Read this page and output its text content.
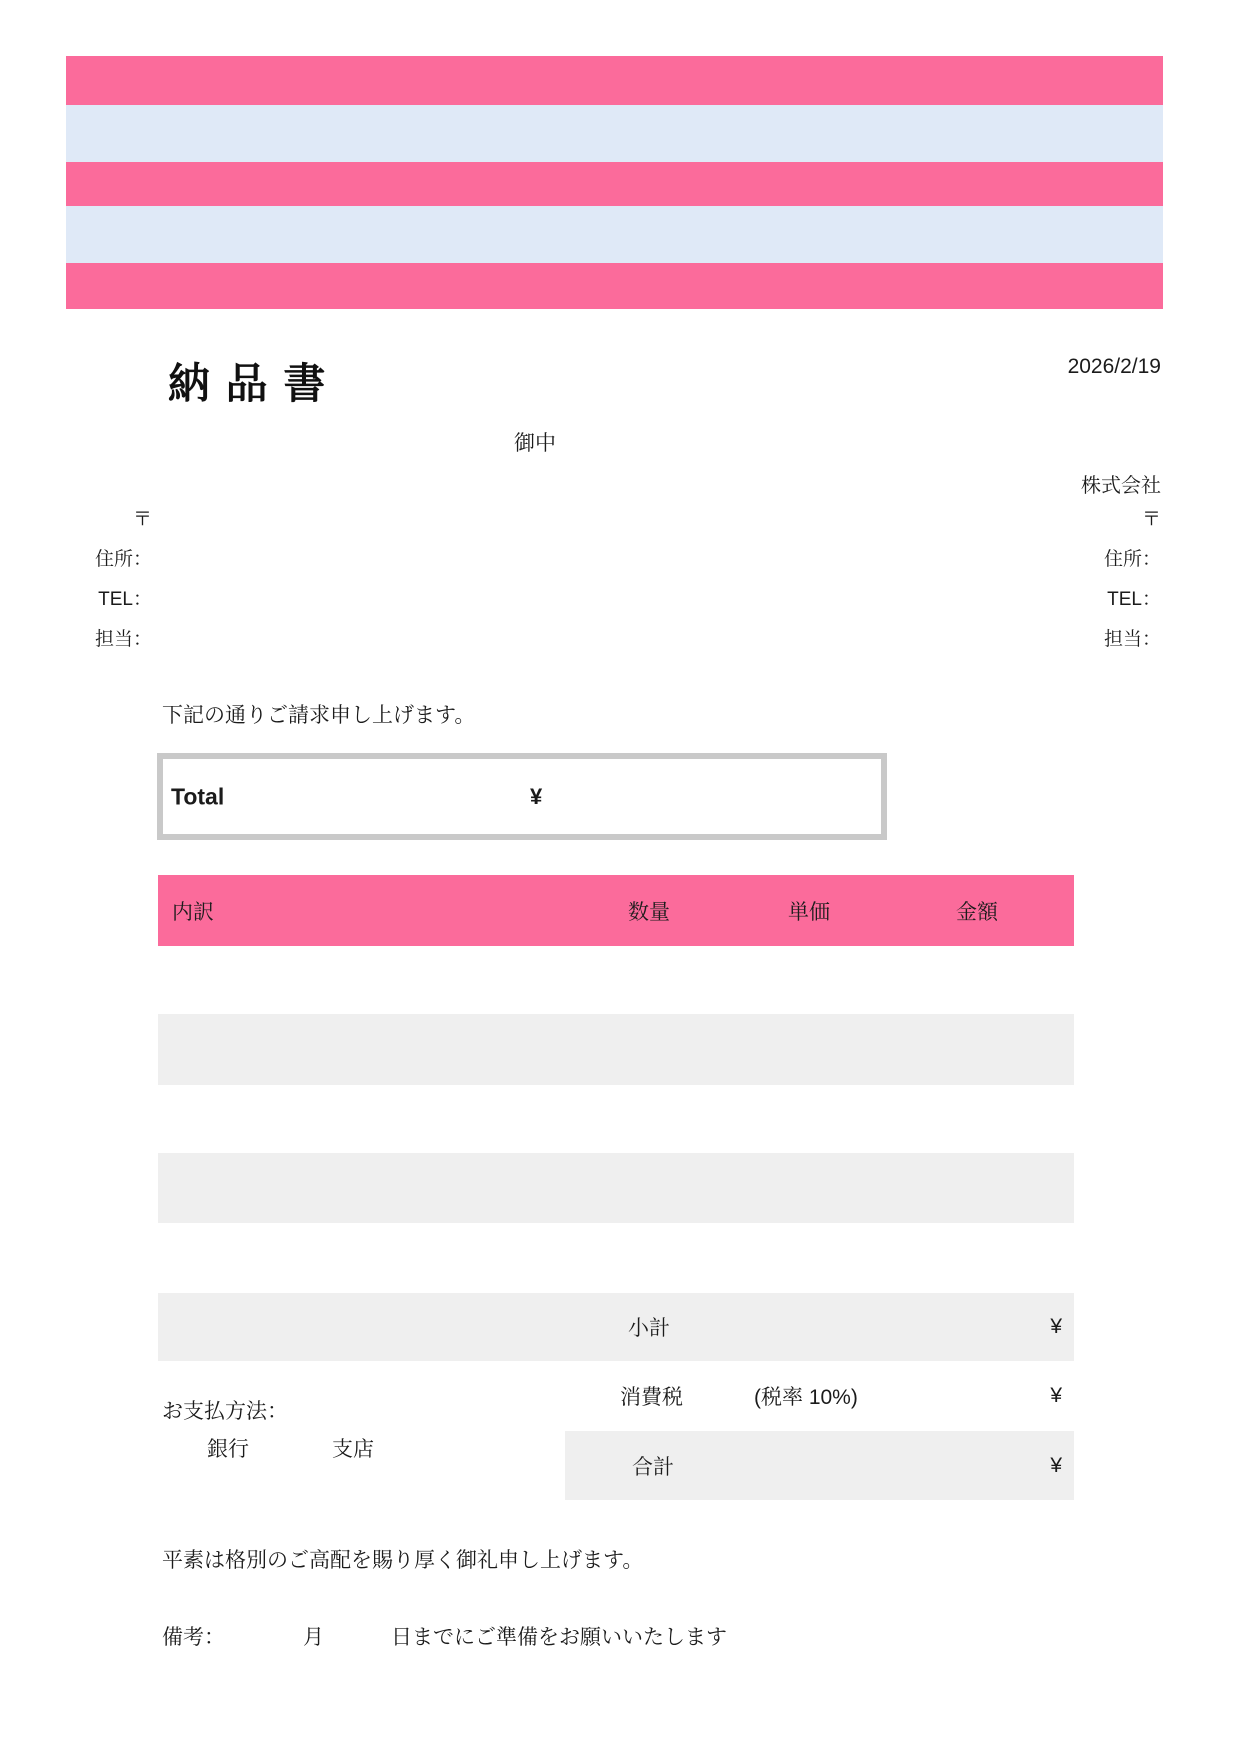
2026/2/19
納 品 書
御中
株式会社
〒
住所：
TEL：
担当：
〒
住所：
TEL：
担当：
下記の通りご請求申し上げます。
Total	¥
内訳	数量	単価	金額
小計	¥
消費税	(税率 10%)	¥
合計	¥
お支払方法：
銀行	支店
平素は格別のご高配を賜り厚く御礼申し上げます。
備考：	月	日までにご準備をお願いいたします
